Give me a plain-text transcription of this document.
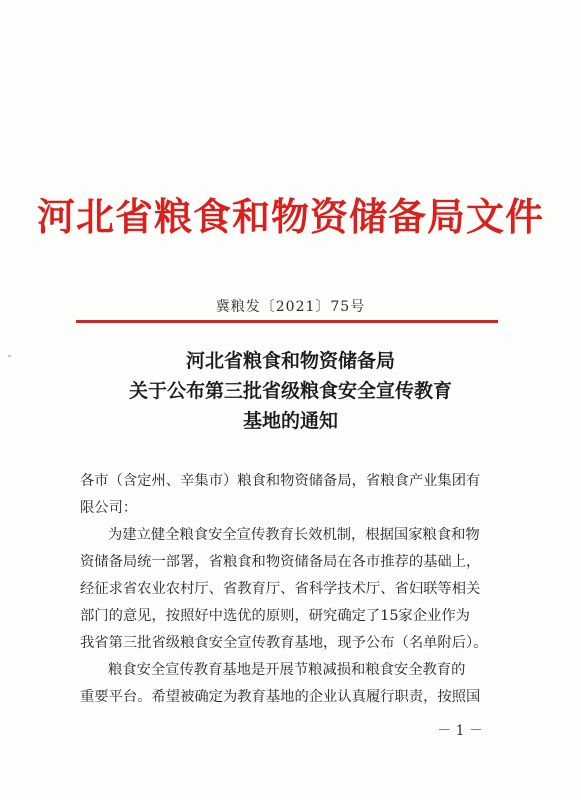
河北省粮食和物资储备局文件
冀粮发〔2021〕75号
河北省粮食和物资储备局
关于公布第三批省级粮食安全宣传教育
基地的通知
各市（含定州、辛集市）粮食和物资储备局，省粮食产业集团有
限公司：
为建立健全粮食安全宣传教育长效机制，根据国家粮食和物
资储备局统一部署，省粮食和物资储备局在各市推荐的基础上，
经征求省农业农村厅、省教育厅、省科学技术厅、省妇联等相关
部门的意见，按照好中选优的原则，研究确定了15家企业作为
我省第三批省级粮食安全宣传教育基地，现予公布（名单附后）。
粮食安全宣传教育基地是开展节粮减损和粮食安全教育的
重要平台。希望被确定为教育基地的企业认真履行职责，按照国
－ 1 －
